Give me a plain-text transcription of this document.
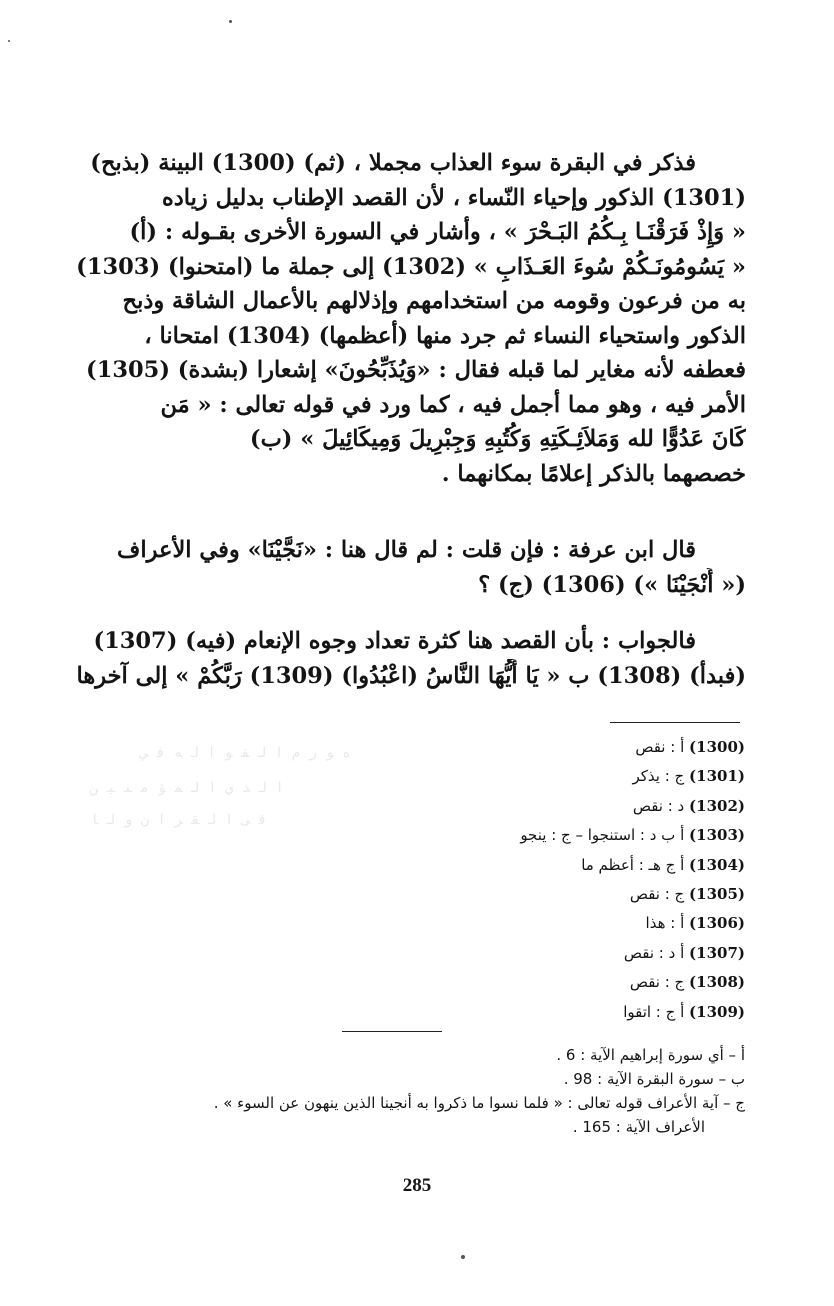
ﻩ ﻮ ﺭ ﻡ ﺍ ﻟ ﻘ ﻮ ﺍ ﻟ ﻪ ﻓ ﻲ
ﺍ ﻟ ﺬ ﻱ ﺍ ﻟ ﻤ ﺆ ﻣ ﻨ ﻴ ﻦ
ﻓ ﻰ ﺍ ﻟ ﻘ ﺮ ﺍ ﻥ ﻭ ﻟ ﺎ
فذكر في البقرة سوء العذاب مجملا ، (ثم) (1300) البينة (بذبح)
(1301) الذكور وإحياء النّساء ، لأن القصد الإطناب بدليل زياده
« وَإِذْ فَرَقْنَـا بِـكُمُ البَـحْرَ » ، وأشار في السورة الأخرى بقـوله : (أ)
« يَسُومُونَـكُمْ سُوءَ العَـذَابِ » (1302) إلى جملة ما (امتحنوا) (1303)
به من فرعون وقومه من استخدامهم وإذلالهم بالأعمال الشاقة وذبح
الذكور واستحياء النساء ثم جرد منها (أعظمها) (1304) امتحانا ،
فعطفه لأنه مغاير لما قبله فقال : «وَيُذَبِّحُونَ» إشعارا (بشدة) (1305)
الأمر فيه ، وهو مما أجمل فيه ، كما ورد في قوله تعالى : « مَن
كَانَ عَدُوًّا لله وَمَلاَئِـكَتِهِ وَكُتُبِهِ وَجِبْرِيلَ وَمِيكَائِيلَ » (ب)
خصصهما بالذكر إعلامًا بمكانهما .
قال ابن عرفة : فإن قلت : لم قال هنا : «نَجَّيْنَا» وفي الأعراف
(« أَنْجَيْنَا ») (1306) (ج) ؟
فالجواب : بأن القصد هنا كثرة تعداد وجوه الإنعام (فيه) (1307)
(فبدأ) (1308) ب « يَا أَيُّهَا النَّاسُ (اعْبُدُوا) (1309) رَبَّكُمْ » إلى آخرها
(1300) أ : نقص
(1301) ج : يذكر
(1302) د : نقص
(1303) أ ب د : استنجوا – ج : ينجو
(1304) أ ج هـ : أعظم ما
(1305) ج : نقص
(1306) أ : هذا
(1307) أ د : نقص
(1308) ج : نقص
(1309) أ ج : اتقوا
أ – أي سورة إبراهيم الآية : 6 .
ب – سورة البقرة الآية : 98 .
ج – آية الأعراف قوله تعالى : « فلما نسوا ما ذكروا به أنجينا الذين ينهون عن السوء » .
الأعراف الآية : 165 .
285
